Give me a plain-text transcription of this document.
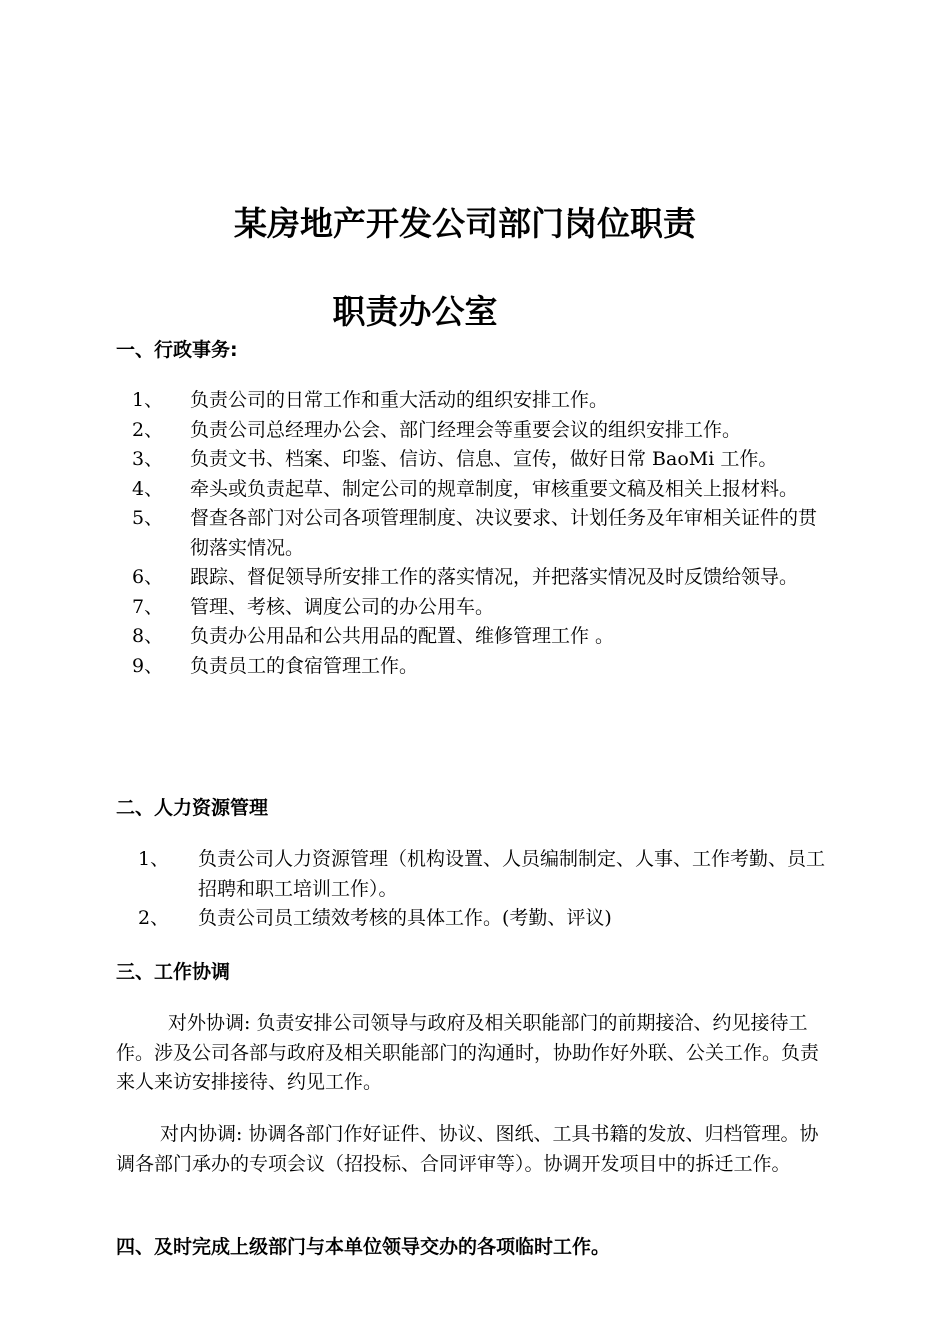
某房地产开发公司部门岗位职责
职责办公室
一、行政事务:
1、 负责公司的日常工作和重大活动的组织安排工作。
2、 负责公司总经理办公会、部门经理会等重要会议的组织安排工作。
3、 负责文书、档案、印鉴、信访、信息、宣传，做好日常 BaoMi 工作。
4、 牵头或负责起草、制定公司的规章制度，审核重要文稿及相关上报材料。
5、 督查各部门对公司各项管理制度、决议要求、计划任务及年审相关证件的贯彻落实情况。
6、 跟踪、督促领导所安排工作的落实情况，并把落实情况及时反馈给领导。
7、 管理、考核、调度公司的办公用车。
8、 负责办公用品和公共用品的配置、维修管理工作 。
9、 负责员工的食宿管理工作。
二、人力资源管理
1、 负责公司人力资源管理（机构设置、人员编制制定、人事、工作考勤、员工招聘和职工培训工作）。
2、 负责公司员工绩效考核的具体工作。(考勤、评议)
三、工作协调
对外协调: 负责安排公司领导与政府及相关职能部门的前期接洽、约见接待工作。涉及公司各部与政府及相关职能部门的沟通时，协助作好外联、公关工作。负责来人来访安排接待、约见工作。
对内协调: 协调各部门作好证件、协议、图纸、工具书籍的发放、归档管理。协调各部门承办的专项会议（招投标、合同评审等）。协调开发项目中的拆迁工作。
四、及时完成上级部门与本单位领导交办的各项临时工作。
